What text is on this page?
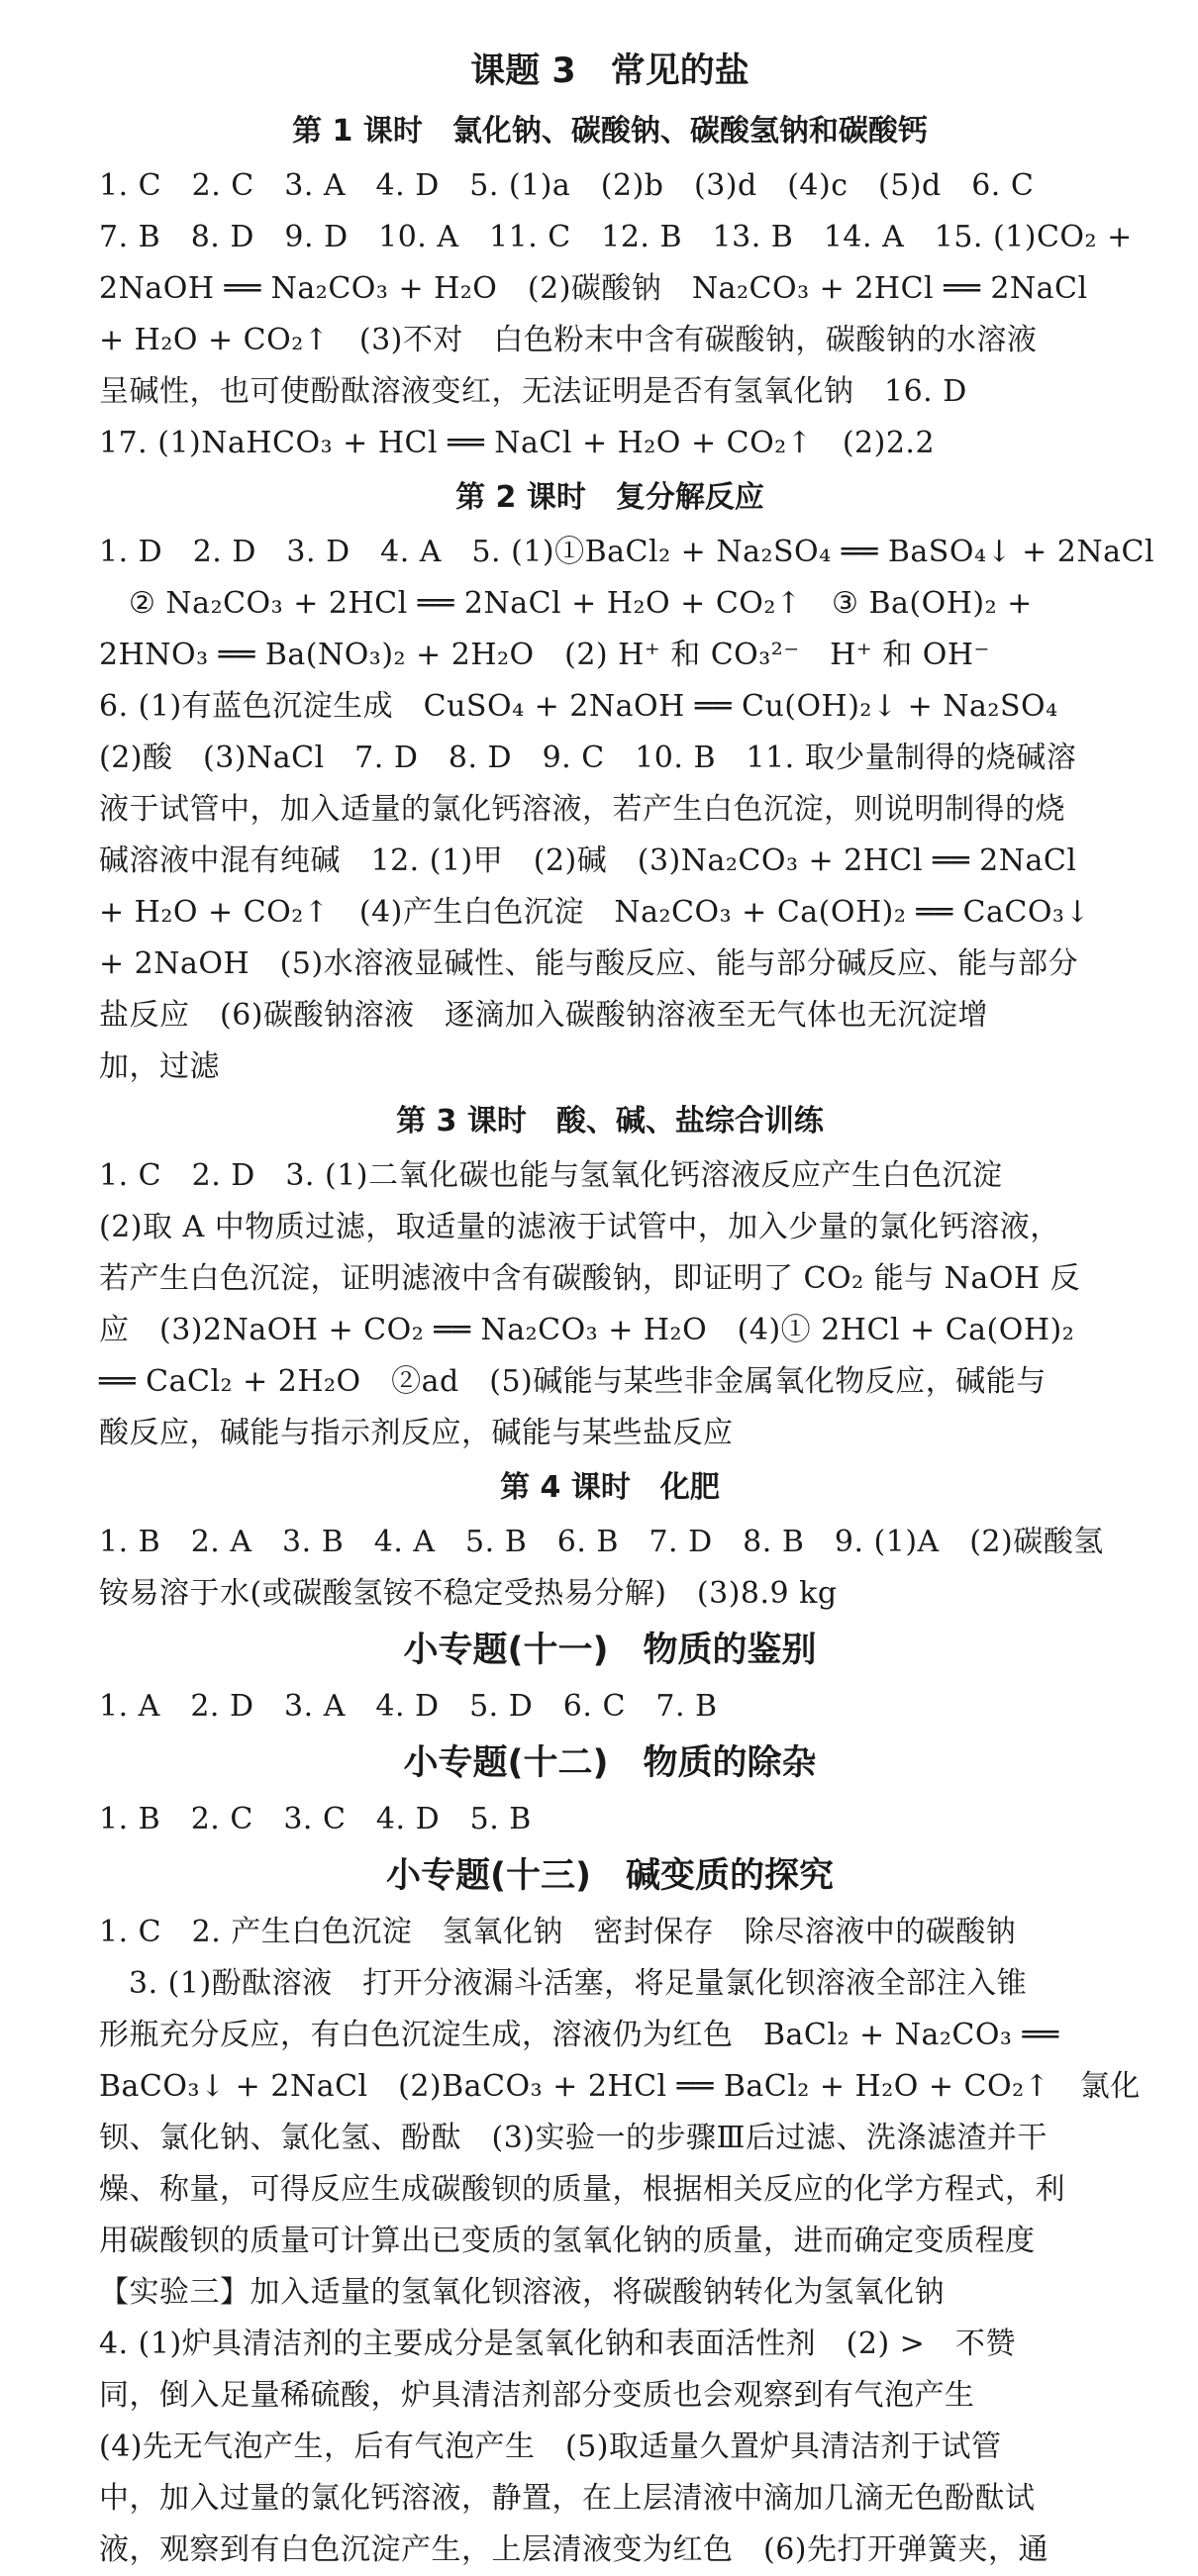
课题 3　常见的盐
第 1 课时　氯化钠、碳酸钠、碳酸氢钠和碳酸钙

1. C　2. C　3. A　4. D　5. (1)a　(2)b　(3)d　(4)c　(5)d　6. C

7. B　8. D　9. D　10. A　11. C　12. B　13. B　14. A　15. (1)CO₂ +

2NaOH ══ Na₂CO₃ + H₂O　(2)碳酸钠　Na₂CO₃ + 2HCl ══ 2NaCl

+ H₂O + CO₂↑　(3)不对　白色粉末中含有碳酸钠，碳酸钠的水溶液

呈碱性，也可使酚酞溶液变红，无法证明是否有氢氧化钠　16. D

17. (1)NaHCO₃ + HCl ══ NaCl + H₂O + CO₂↑　(2)2.2

第 2 课时　复分解反应

1. D　2. D　3. D　4. A　5. (1)①BaCl₂ + Na₂SO₄ ══ BaSO₄↓ + 2NaCl

② Na₂CO₃ + 2HCl ══ 2NaCl + H₂O + CO₂↑　③ Ba(OH)₂ +

2HNO₃ ══ Ba(NO₃)₂ + 2H₂O　(2) H⁺ 和 CO₃²⁻　H⁺ 和 OH⁻

6. (1)有蓝色沉淀生成　CuSO₄ + 2NaOH ══ Cu(OH)₂↓ + Na₂SO₄

(2)酸　(3)NaCl　7. D　8. D　9. C　10. B　11. 取少量制得的烧碱溶

液于试管中，加入适量的氯化钙溶液，若产生白色沉淀，则说明制得的烧

碱溶液中混有纯碱　12. (1)甲　(2)碱　(3)Na₂CO₃ + 2HCl ══ 2NaCl

+ H₂O + CO₂↑　(4)产生白色沉淀　Na₂CO₃ + Ca(OH)₂ ══ CaCO₃↓

+ 2NaOH　(5)水溶液显碱性、能与酸反应、能与部分碱反应、能与部分

盐反应　(6)碳酸钠溶液　逐滴加入碳酸钠溶液至无气体也无沉淀增

加，过滤

第 3 课时　酸、碱、盐综合训练

1. C　2. D　3. (1)二氧化碳也能与氢氧化钙溶液反应产生白色沉淀

(2)取 A 中物质过滤，取适量的滤液于试管中，加入少量的氯化钙溶液，

若产生白色沉淀，证明滤液中含有碳酸钠，即证明了 CO₂ 能与 NaOH 反

应　(3)2NaOH + CO₂ ══ Na₂CO₃ + H₂O　(4)① 2HCl + Ca(OH)₂

══ CaCl₂ + 2H₂O　②ad　(5)碱能与某些非金属氧化物反应，碱能与

酸反应，碱能与指示剂反应，碱能与某些盐反应

第 4 课时　化肥

1. B　2. A　3. B　4. A　5. B　6. B　7. D　8. B　9. (1)A　(2)碳酸氢

铵易溶于水(或碳酸氢铵不稳定受热易分解)　(3)8.9 kg

小专题(十一)　物质的鉴别

1. A　2. D　3. A　4. D　5. D　6. C　7. B

小专题(十二)　物质的除杂

1. B　2. C　3. C　4. D　5. B

小专题(十三)　碱变质的探究

1. C　2. 产生白色沉淀　氢氧化钠　密封保存　除尽溶液中的碳酸钠

3. (1)酚酞溶液　打开分液漏斗活塞，将足量氯化钡溶液全部注入锥

形瓶充分反应，有白色沉淀生成，溶液仍为红色　BaCl₂ + Na₂CO₃ ══

BaCO₃↓ + 2NaCl　(2)BaCO₃ + 2HCl ══ BaCl₂ + H₂O + CO₂↑　氯化

钡、氯化钠、氯化氢、酚酞　(3)实验一的步骤Ⅲ后过滤、洗涤滤渣并干

燥、称量，可得反应生成碳酸钡的质量，根据相关反应的化学方程式，利

用碳酸钡的质量可计算出已变质的氢氧化钠的质量，进而确定变质程度

【实验三】加入适量的氢氧化钡溶液，将碳酸钠转化为氢氧化钠

4. (1)炉具清洁剂的主要成分是氢氧化钠和表面活性剂　(2) >　不赞

同，倒入足量稀硫酸，炉具清洁剂部分变质也会观察到有气泡产生

(4)先无气泡产生，后有气泡产生　(5)取适量久置炉具清洁剂于试管

中，加入过量的氯化钙溶液，静置，在上层清液中滴加几滴无色酚酞试

液，观察到有白色沉淀产生，上层清液变为红色　(6)先打开弹簧夹，通
